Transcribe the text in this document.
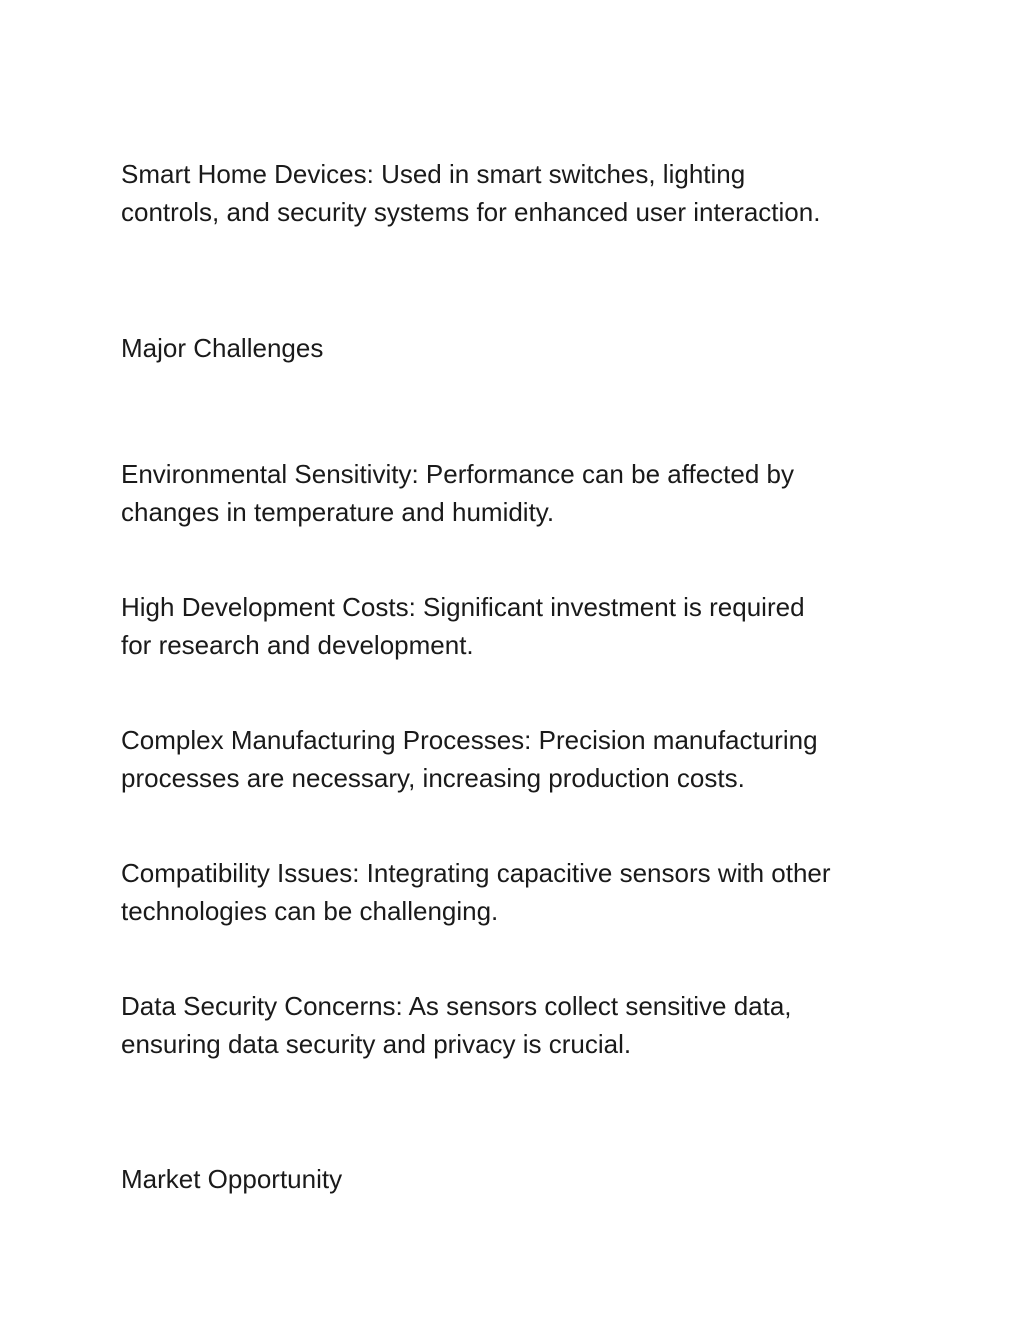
Smart Home Devices: Used in smart switches, lighting
controls, and security systems for enhanced user interaction.

Major Challenges

Environmental Sensitivity: Performance can be affected by
changes in temperature and humidity.

High Development Costs: Significant investment is required
for research and development.

Complex Manufacturing Processes: Precision manufacturing
processes are necessary, increasing production costs.

Compatibility Issues: Integrating capacitive sensors with other
technologies can be challenging.

Data Security Concerns: As sensors collect sensitive data,
ensuring data security and privacy is crucial.

Market Opportunity
